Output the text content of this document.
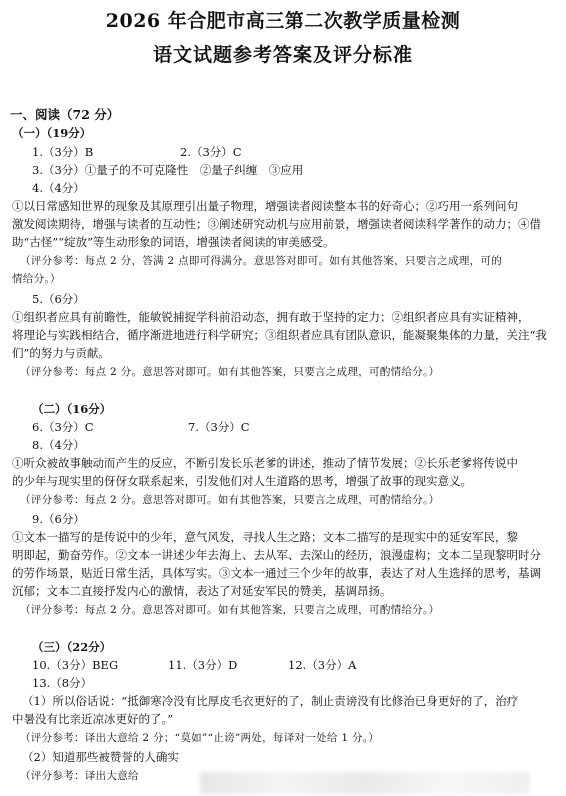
2026 年合肥市高三第二次教学质量检测
语文试题参考答案及评分标准
一、阅读（72 分）
（一）（19分）
1.（3分）B	2.（3分）C
3.（3分）①量子的不可克隆性　②量子纠缠　③应用
4.（4分）
①以日常感知世界的现象及其原理引出量子物理，增强读者阅读整本书的好奇心；②巧用一系列问句
激发阅读期待，增强与读者的互动性；③阐述研究动机与应用前景，增强读者阅读科学著作的动力；④借
助“古怪”“绽放”等生动形象的词语，增强读者阅读的审美感受。
（评分参考：每点 2 分，答满 2 点即可得满分。意思答对即可。如有其他答案，只要言之成理，可的
情给分。）
5.（6分）
①组织者应具有前瞻性，能敏锐捕捉学科前沿动态，拥有敢于坚持的定力；②组织者应具有实证精神，
将理论与实践相结合，循序渐进地进行科学研究；③组织者应具有团队意识，能凝聚集体的力量，关注“我
们”的努力与贡献。
（评分参考：每点 2 分。意思答对即可。如有其他答案，只要言之成理，可酌情给分。）
（二）（16分）
6.（3分）C	7.（3分）C
8.（4分）
①听众被故事触动而产生的反应，不断引发长乐老爹的讲述，推动了情节发展；②长乐老爹将传说中
的少年与现实里的伢伢女联系起来，引发他们对人生道路的思考，增强了故事的现实意义。
（评分参考：每点 2 分。意思答对即可。如有其他答案，只要言之成理，可酌情给分。）
9.（6分）
①文本一描写的是传说中的少年，意气风发，寻找人生之路；文本二描写的是现实中的延安军民，黎
明即起，勤奋劳作。②文本一讲述少年去海上、去从军、去深山的经历，浪漫虚构；文本二呈现黎明时分
的劳作场景，贴近日常生活，具体写实。③文本一通过三个少年的故事，表达了对人生选择的思考，基调
沉郁；文本二直接抒发内心的激情，表达了对延安军民的赞美，基调昂扬。
（评分参考：每点 2 分。意思答对即可。如有其他答案，只要言之成理，可酌情给分。）
（三）（22分）
10.（3分）BEG	11.（3分）D	12.（3分）A
13.（8分）
（1）所以俗话说：“抵御寒冷没有比厚皮毛衣更好的了，制止责谤没有比修治已身更好的了，治疗
中暑没有比亲近凉冰更好的了。”
（评分参考：译出大意给 2 分；“莫如”“止谤”两处，每译对一处给 1 分。）
（2）知道那些被赞誉的人确实
（评分参考：译出大意给
